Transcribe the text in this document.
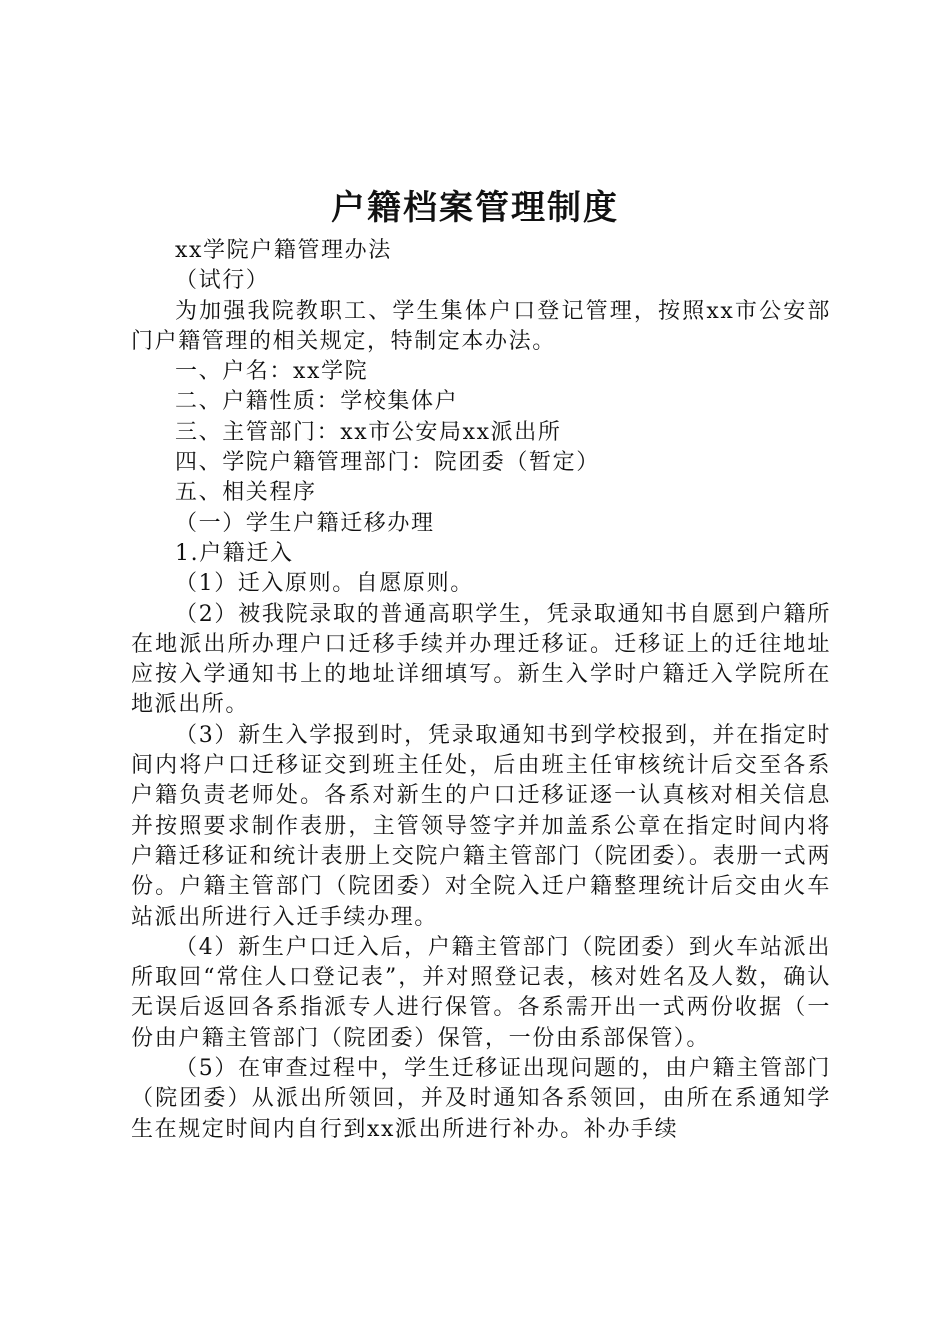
户籍档案管理制度

xx学院户籍管理办法

（试行）

为加强我院教职工、学生集体户口登记管理，按照xx市公安部门户籍管理的相关规定，特制定本办法。

一、户名：xx学院

二、户籍性质：学校集体户

三、主管部门：xx市公安局xx派出所

四、学院户籍管理部门：院团委（暂定）

五、相关程序

（一）学生户籍迁移办理

1.户籍迁入

（1）迁入原则。自愿原则。

（2）被我院录取的普通高职学生，凭录取通知书自愿到户籍所在地派出所办理户口迁移手续并办理迁移证。迁移证上的迁往地址应按入学通知书上的地址详细填写。新生入学时户籍迁入学院所在地派出所。

（3）新生入学报到时，凭录取通知书到学校报到，并在指定时间内将户口迁移证交到班主任处，后由班主任审核统计后交至各系户籍负责老师处。各系对新生的户口迁移证逐一认真核对相关信息并按照要求制作表册，主管领导签字并加盖系公章在指定时间内将户籍迁移证和统计表册上交院户籍主管部门（院团委）。表册一式两份。户籍主管部门（院团委）对全院入迁户籍整理统计后交由火车站派出所进行入迁手续办理。

（4）新生户口迁入后，户籍主管部门（院团委）到火车站派出所取回“常住人口登记表”，并对照登记表，核对姓名及人数，确认无误后返回各系指派专人进行保管。各系需开出一式两份收据（一份由户籍主管部门（院团委）保管，一份由系部保管）。

（5）在审查过程中，学生迁移证出现问题的，由户籍主管部门（院团委）从派出所领回，并及时通知各系领回，由所在系通知学生在规定时间内自行到xx派出所进行补办。补办手续
